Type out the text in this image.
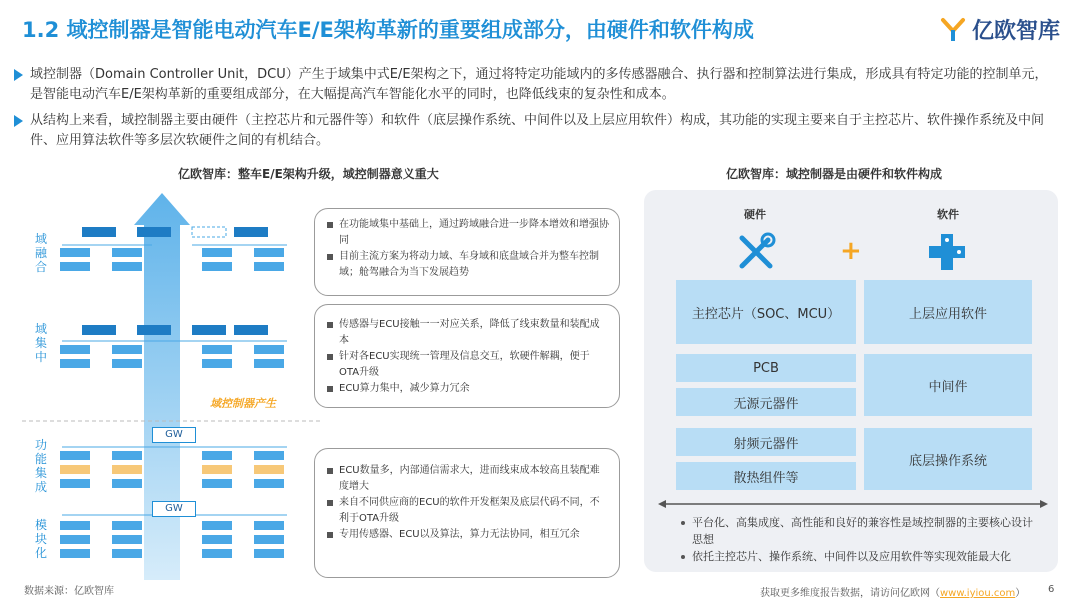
1.2 域控制器是智能电动汽车E/E架构革新的重要组成部分，由硬件和软件构成	亿欧智库
域控制器（Domain Controller Unit，DCU）产生于域集中式E/E架构之下，通过将特定功能域内的多传感器融合、执行器和控制算法进行集成，形成具有特定功能的控制单元，是智能电动汽车E/E架构革新的重要组成部分，在大幅提高汽车智能化水平的同时，也降低线束的复杂性和成本。
从结构上来看，域控制器主要由硬件（主控芯片和元器件等）和软件（底层操作系统、中间件以及上层应用软件）构成，其功能的实现主要来自于主控芯片、软件操作系统及中间件、应用算法软件等多层次软硬件之间的有机结合。
亿欧智库：整车E/E架构升级，域控制器意义重大
GW
GW
域控制器产生
域融合
域集中
功能集成
模块化
在功能域集中基础上，通过跨域融合进一步降本增效和增强协同
目前主流方案为将动力域、车身域和底盘域合并为整车控制域；舱驾融合为当下发展趋势
传感器与ECU接触一一对应关系，降低了线束数量和装配成本
针对各ECU实现统一管理及信息交互，软硬件解耦，便于OTA升级
ECU算力集中，减少算力冗余
ECU数量多，内部通信需求大，进而线束成本较高且装配难度增大
来自不同供应商的ECU的软件开发框架及底层代码不同，不利于OTA升级
专用传感器、ECU以及算法，算力无法协同，相互冗余
亿欧智库：域控制器是由硬件和软件构成
硬件	软件
+
主控芯片（SOC、MCU）
PCB
无源元器件
射频元器件
散热组件等
上层应用软件
中间件
底层操作系统
平台化、高集成度、高性能和良好的兼容性是域控制器的主要核心设计思想
依托主控芯片、操作系统、中间件以及应用软件等实现效能最大化
数据来源：亿欧智库	获取更多维度报告数据，请访问亿欧网（www.iyiou.com） 6
